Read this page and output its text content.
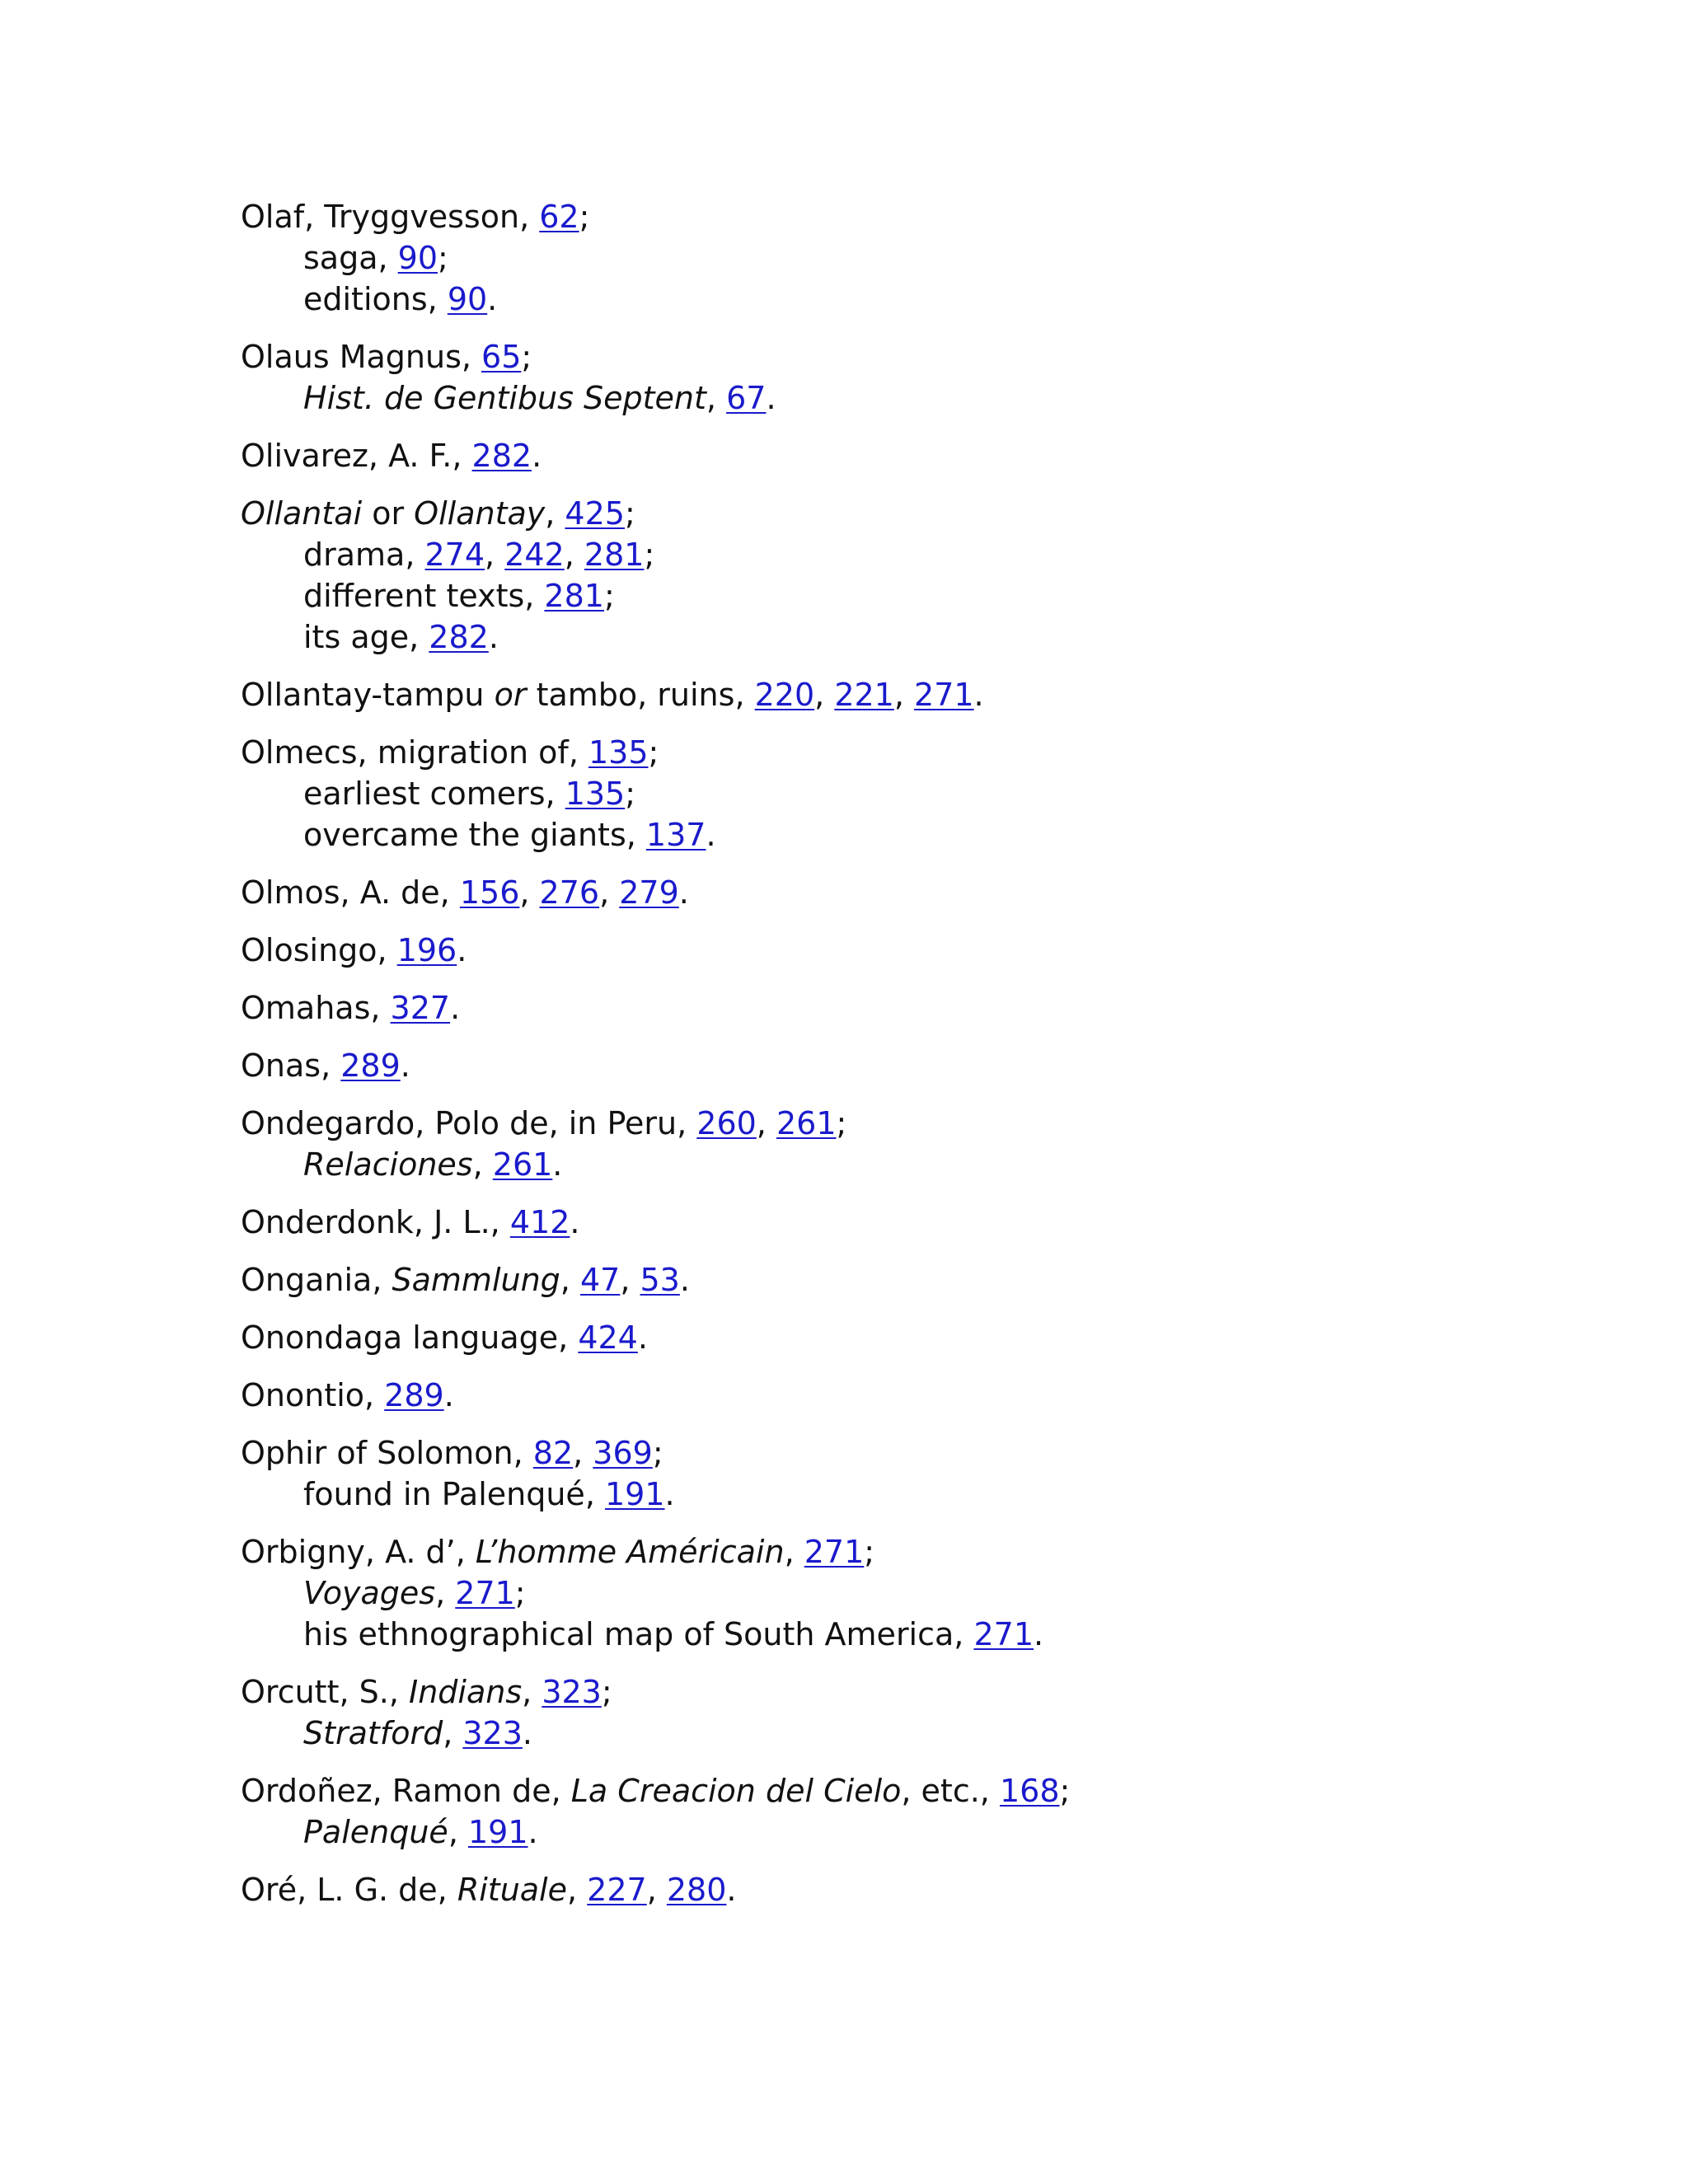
Olaf, Tryggvesson, 62;
saga, 90;
editions, 90.
Olaus Magnus, 65;
Hist. de Gentibus Septent, 67.
Olivarez, A. F., 282.
Ollantai or Ollantay, 425;
drama, 274, 242, 281;
different texts, 281;
its age, 282.
Ollantay-tampu or tambo, ruins, 220, 221, 271.
Olmecs, migration of, 135;
earliest comers, 135;
overcame the giants, 137.
Olmos, A. de, 156, 276, 279.
Olosingo, 196.
Omahas, 327.
Onas, 289.
Ondegardo, Polo de, in Peru, 260, 261;
Relaciones, 261.
Onderdonk, J. L., 412.
Ongania, Sammlung, 47, 53.
Onondaga language, 424.
Onontio, 289.
Ophir of Solomon, 82, 369;
found in Palenqué, 191.
Orbigny, A. d’, L’homme Américain, 271;
Voyages, 271;
his ethnographical map of South America, 271.
Orcutt, S., Indians, 323;
Stratford, 323.
Ordoñez, Ramon de, La Creacion del Cielo, etc., 168;
Palenqué, 191.
Oré, L. G. de, Rituale, 227, 280.
